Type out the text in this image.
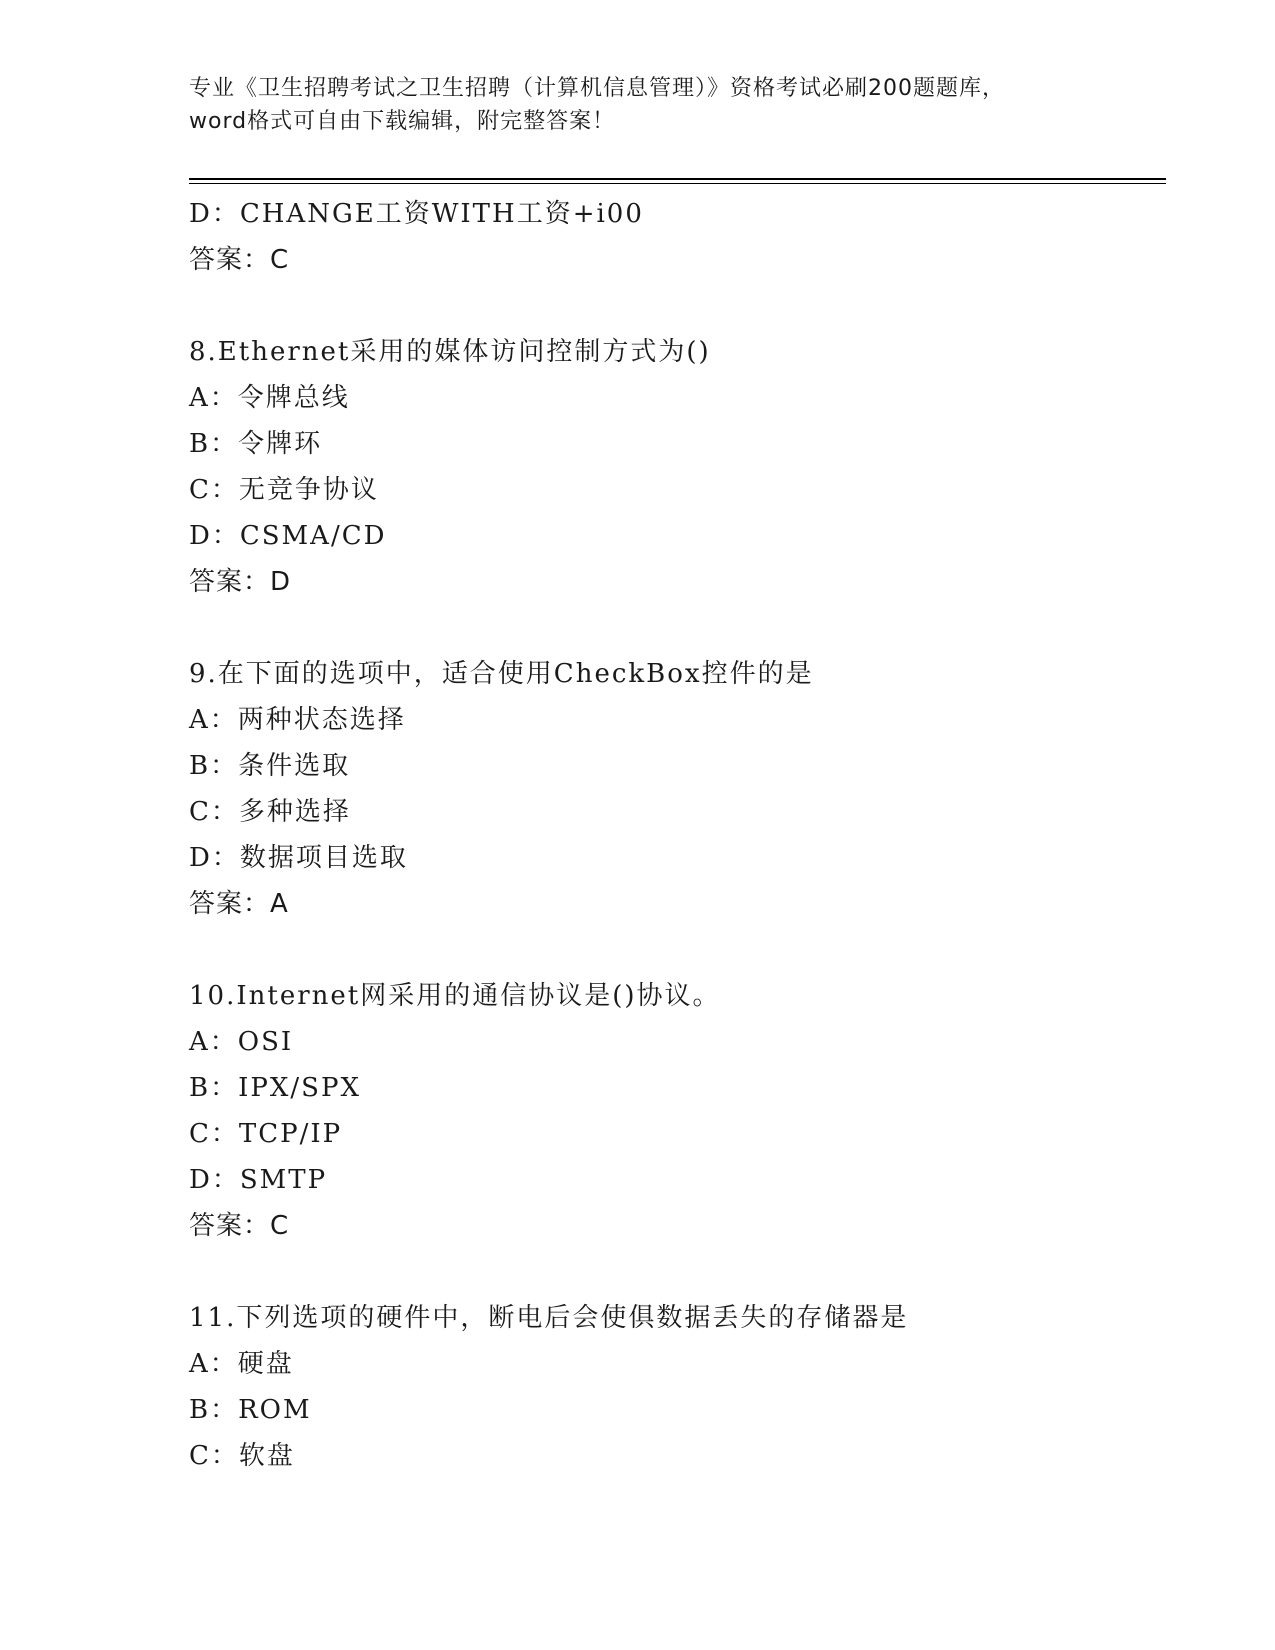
专业《卫生招聘考试之卫生招聘（计算机信息管理）》资格考试必刷200题题库，
word格式可自由下载编辑，附完整答案！
D：CHANGE工资WITH工资+i00
答案：C
8.Ethernet采用的媒体访问控制方式为()
A：令牌总线
B：令牌环
C：无竞争协议
D：CSMA/CD
答案：D
9.在下面的选项中，适合使用CheckBox控件的是
A：两种状态选择
B：条件选取
C：多种选择
D：数据项目选取
答案：A
10.Internet网采用的通信协议是()协议。
A：OSI
B：IPX/SPX
C：TCP/IP
D：SMTP
答案：C
11.下列选项的硬件中，断电后会使俱数据丢失的存储器是
A：硬盘
B：ROM
C：软盘
